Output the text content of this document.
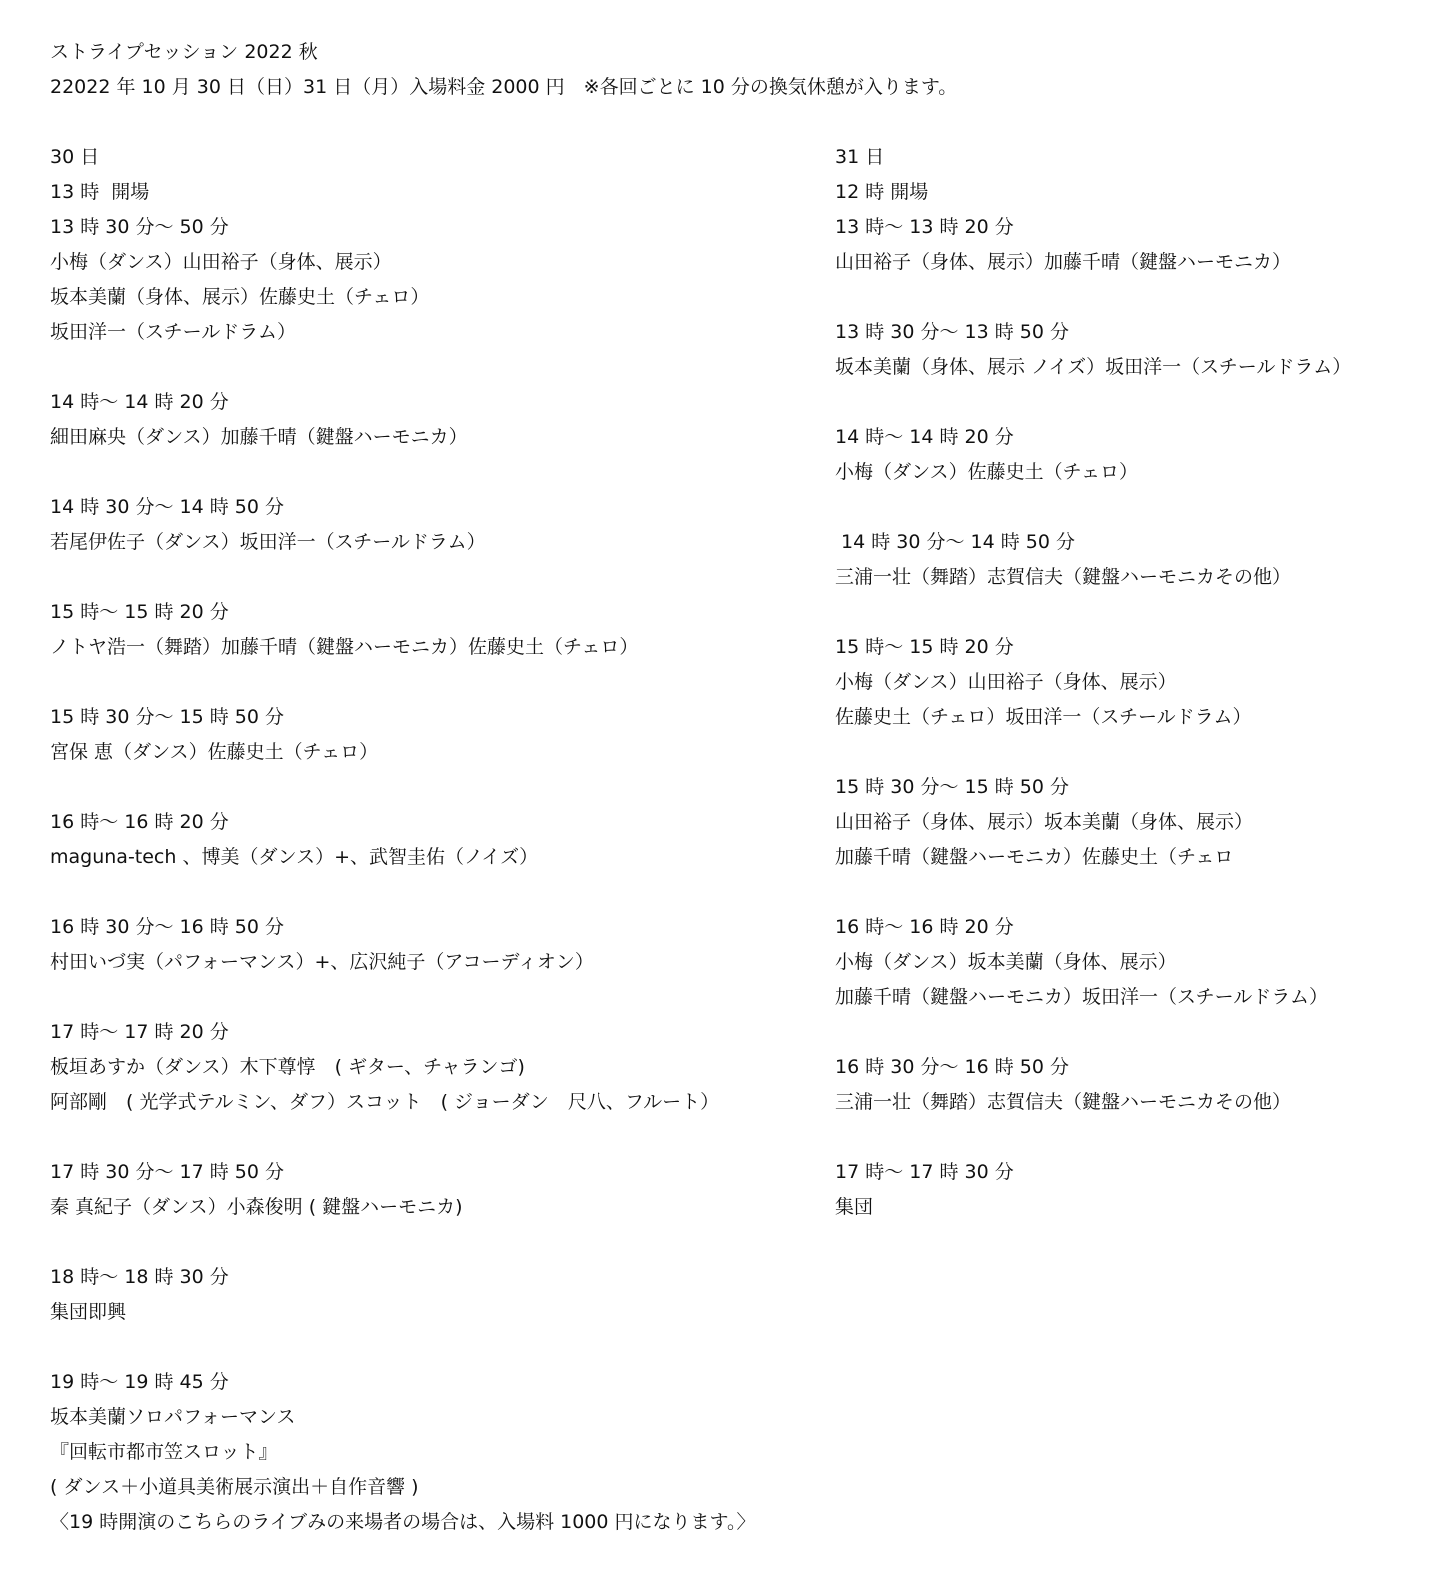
ストライプセッション 2022 秋

22022 年 10 月 30 日（日）31 日（月）入場料金 2000 円　※各回ごとに 10 分の換気休憩が入ります。

30 日

13 時  開場

13 時 30 分～ 50 分

小梅（ダンス）山田裕子（身体、展示）

坂本美蘭（身体、展示）佐藤史土（チェロ）

坂田洋一（スチールドラム）

14 時～ 14 時 20 分

細田麻央（ダンス）加藤千晴（鍵盤ハーモニカ）

14 時 30 分～ 14 時 50 分

若尾伊佐子（ダンス）坂田洋一（スチールドラム）

15 時～ 15 時 20 分

ノトヤ浩一（舞踏）加藤千晴（鍵盤ハーモニカ）佐藤史土（チェロ）

15 時 30 分～ 15 時 50 分

宮保 恵（ダンス）佐藤史土（チェロ）

16 時～ 16 時 20 分

maguna-tech 、博美（ダンス）+、武智圭佑（ノイズ）

16 時 30 分～ 16 時 50 分

村田いづ実（パフォーマンス）+、広沢純子（アコーディオン）

17 時～ 17 時 20 分

板垣あすか（ダンス）木下尊惇　( ギター、チャランゴ)

阿部剛　( 光学式テルミン、ダフ）スコット　( ジョーダン　尺八、フルート）

17 時 30 分～ 17 時 50 分

秦 真紀子（ダンス）小森俊明 ( 鍵盤ハーモニカ)

18 時～ 18 時 30 分

集団即興

19 時～ 19 時 45 分

坂本美蘭ソロパフォーマンス

『回転市都市笠スロット』

( ダンス＋小道具美術展示演出＋自作音響 )

〈19 時開演のこちらのライブみの来場者の場合は、入場料 1000 円になります。〉

31 日

12 時 開場

13 時～ 13 時 20 分

山田裕子（身体、展示）加藤千晴（鍵盤ハーモニカ）

13 時 30 分～ 13 時 50 分

坂本美蘭（身体、展示 ノイズ）坂田洋一（スチールドラム）

14 時～ 14 時 20 分

小梅（ダンス）佐藤史土（チェロ）

14 時 30 分～ 14 時 50 分

三浦一壮（舞踏）志賀信夫（鍵盤ハーモニカその他）

15 時～ 15 時 20 分

小梅（ダンス）山田裕子（身体、展示）

佐藤史土（チェロ）坂田洋一（スチールドラム）

15 時 30 分～ 15 時 50 分

山田裕子（身体、展示）坂本美蘭（身体、展示）

加藤千晴（鍵盤ハーモニカ）佐藤史土（チェロ

16 時～ 16 時 20 分

小梅（ダンス）坂本美蘭（身体、展示）

加藤千晴（鍵盤ハーモニカ）坂田洋一（スチールドラム）

16 時 30 分～ 16 時 50 分

三浦一壮（舞踏）志賀信夫（鍵盤ハーモニカその他）

17 時～ 17 時 30 分

集団
